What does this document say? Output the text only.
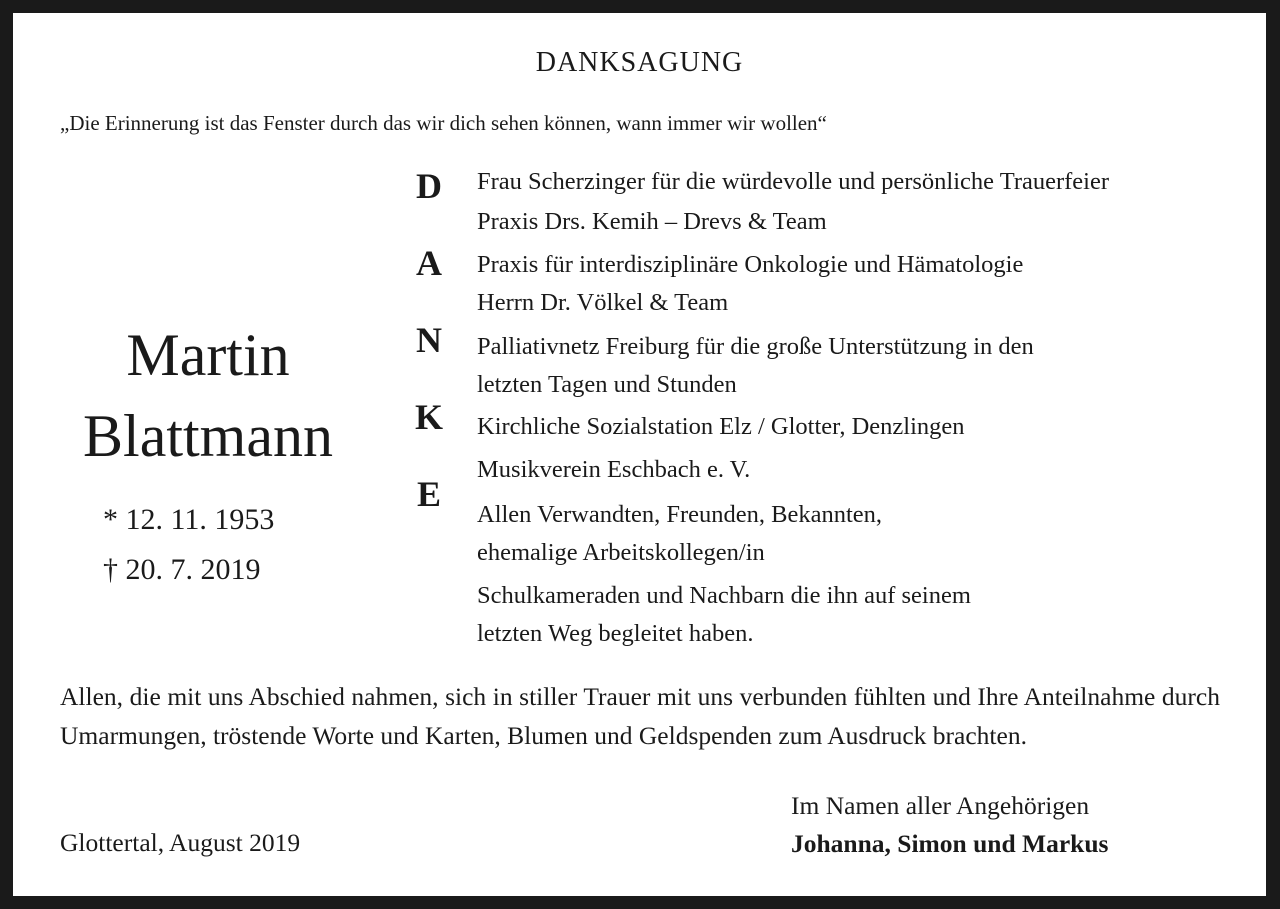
DANKSAGUNG
„Die Erinnerung ist das Fenster durch das wir dich sehen können, wann immer wir wollen“
Martin
Blattmann
* 12. 11. 1953
† 20. 7. 2019
D
A
N
K
E
Frau Scherzinger für die würdevolle und persönliche Trauerfeier
Praxis Drs. Kemih – Drevs & Team
Praxis für interdisziplinäre Onkologie und Hämatologie
Herrn Dr. Völkel & Team
Palliativnetz Freiburg für die große Unterstützung in den
letzten Tagen und Stunden
Kirchliche Sozialstation Elz / Glotter, Denzlingen
Musikverein Eschbach e. V.
Allen Verwandten, Freunden, Bekannten,
ehemalige Arbeitskollegen/in
Schulkameraden und Nachbarn die ihn auf seinem
letzten Weg begleitet haben.
Allen, die mit uns Abschied nahmen, sich in stiller Trauer mit uns verbunden fühlten und Ihre Anteilnahme durch Umarmungen, tröstende Worte und Karten, Blumen und Geldspenden zum Ausdruck brachten.
Glottertal, August 2019
Im Namen aller Angehörigen
Johanna, Simon und Markus
